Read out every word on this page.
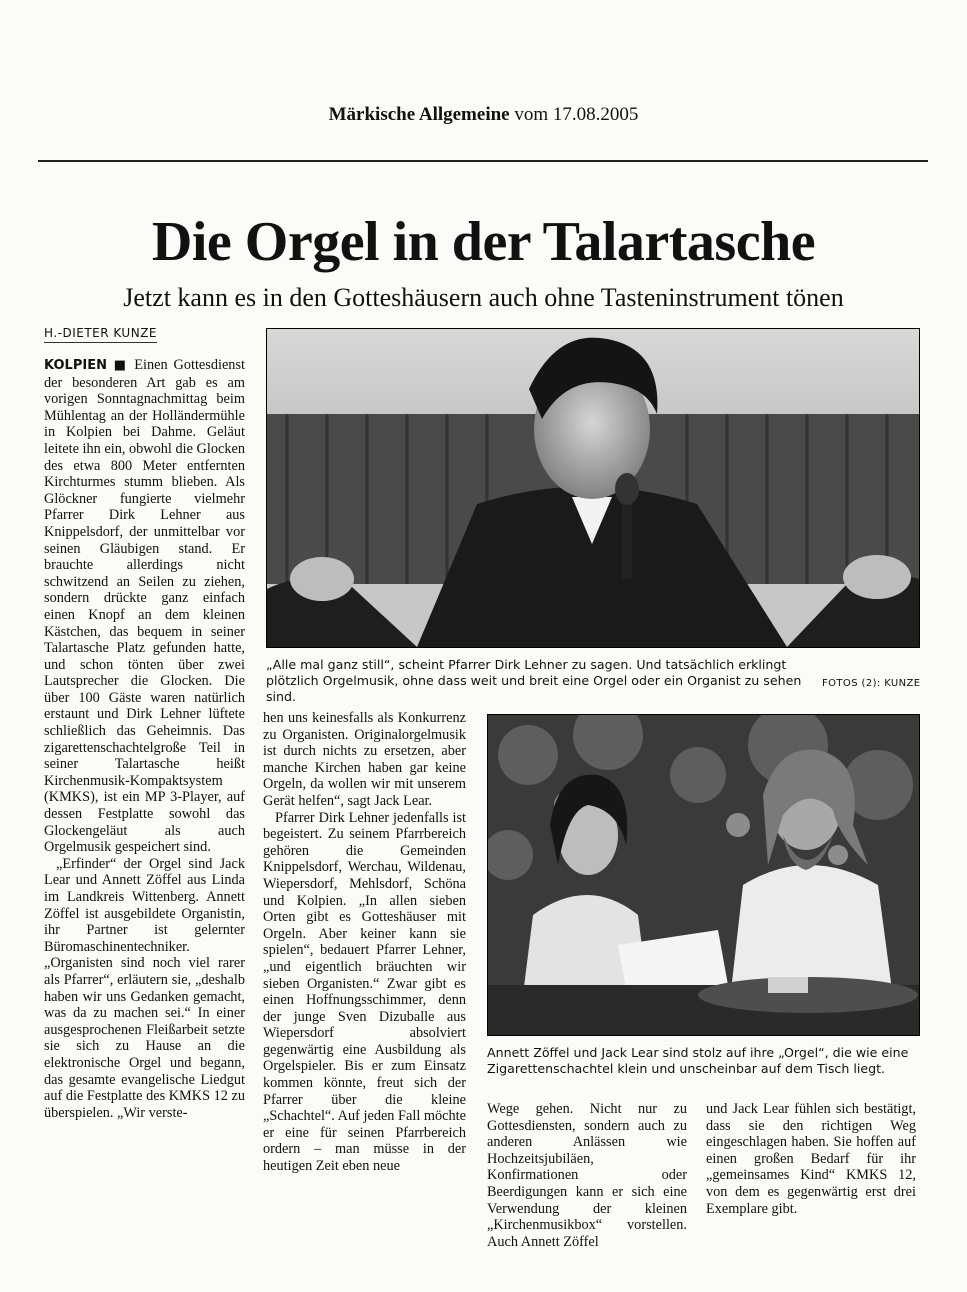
Märkische Allgemeine vom 17.08.2005
Die Orgel in der Talartasche
Jetzt kann es in den Gotteshäusern auch ohne Tasteninstrument tönen
H.-DIETER KUNZE
„Alle mal ganz still“, scheint Pfarrer Dirk Lehner zu sagen. Und tatsächlich erklingt plötzlich Orgelmusik, ohne dass weit und breit eine Orgel oder ein Organist zu sehen sind.
FOTOS (2): KUNZE
Annett Zöffel und Jack Lear sind stolz auf ihre „Orgel“, die wie eine Zigarettenschachtel klein und unscheinbar auf dem Tisch liegt.

KOLPIEN ■ Einen Gottesdienst der besonderen Art gab es am vorigen Sonntagnachmittag beim Mühlentag an der Holländermühle in Kolpien bei Dahme. Geläut leitete ihn ein, obwohl die Glocken des etwa 800 Meter entfernten Kirchturmes stumm blieben. Als Glöckner fungierte vielmehr Pfarrer Dirk Lehner aus Knippelsdorf, der unmittelbar vor seinen Gläubigen stand. Er brauchte allerdings nicht schwitzend an Seilen zu ziehen, sondern drückte ganz einfach einen Knopf an dem kleinen Kästchen, das bequem in seiner Talartasche Platz gefunden hatte, und schon tönten über zwei Lautsprecher die Glocken. Die über 100 Gäste waren natürlich erstaunt und Dirk Lehner lüftete schließlich das Geheimnis. Das zigarettenschachtelgroße Teil in seiner Talartasche heißt Kirchenmusik-Kompaktsystem (KMKS), ist ein MP 3-Player, auf dessen Festplatte sowohl das Glockengeläut als auch Orgelmusik gespeichert sind.

„Erfinder“ der Orgel sind Jack Lear und Annett Zöffel aus Linda im Landkreis Wittenberg. Annett Zöffel ist ausgebildete Organistin, ihr Partner ist gelernter Büromaschinentechniker. „Organisten sind noch viel rarer als Pfarrer“, erläutern sie, „deshalb haben wir uns Gedanken gemacht, was da zu machen sei.“ In einer ausgesprochenen Fleißarbeit setzte sie sich zu Hause an die elektronische Orgel und begann, das gesamte evangelische Liedgut auf die Festplatte des KMKS 12 zu überspielen. „Wir verste-

hen uns keinesfalls als Konkurrenz zu Organisten. Originalorgelmusik ist durch nichts zu ersetzen, aber manche Kirchen haben gar keine Orgeln, da wollen wir mit unserem Gerät helfen“, sagt Jack Lear.

Pfarrer Dirk Lehner jedenfalls ist begeistert. Zu seinem Pfarrbereich gehören die Gemeinden Knippelsdorf, Werchau, Wildenau, Wiepersdorf, Mehlsdorf, Schöna und Kolpien. „In allen sieben Orten gibt es Gotteshäuser mit Orgeln. Aber keiner kann sie spielen“, bedauert Pfarrer Lehner, „und eigentlich bräuchten wir sieben Organisten.“ Zwar gibt es einen Hoffnungsschimmer, denn der junge Sven Dizuballe aus Wiepersdorf absolviert gegenwärtig eine Ausbildung als Orgelspieler. Bis er zum Einsatz kommen könnte, freut sich der Pfarrer über die kleine „Schachtel“. Auf jeden Fall möchte er eine für seinen Pfarrbereich ordern – man müsse in der heutigen Zeit eben neue

Wege gehen. Nicht nur zu Gottesdiensten, sondern auch zu anderen Anlässen wie Hochzeitsjubiläen, Konfirmationen oder Beerdigungen kann er sich eine Verwendung der kleinen „Kirchenmusikbox“ vorstellen. Auch Annett Zöffel

und Jack Lear fühlen sich bestätigt, dass sie den richtigen Weg eingeschlagen haben. Sie hoffen auf einen großen Bedarf für ihr „gemeinsames Kind“ KMKS 12, von dem es gegenwärtig erst drei Exemplare gibt.
